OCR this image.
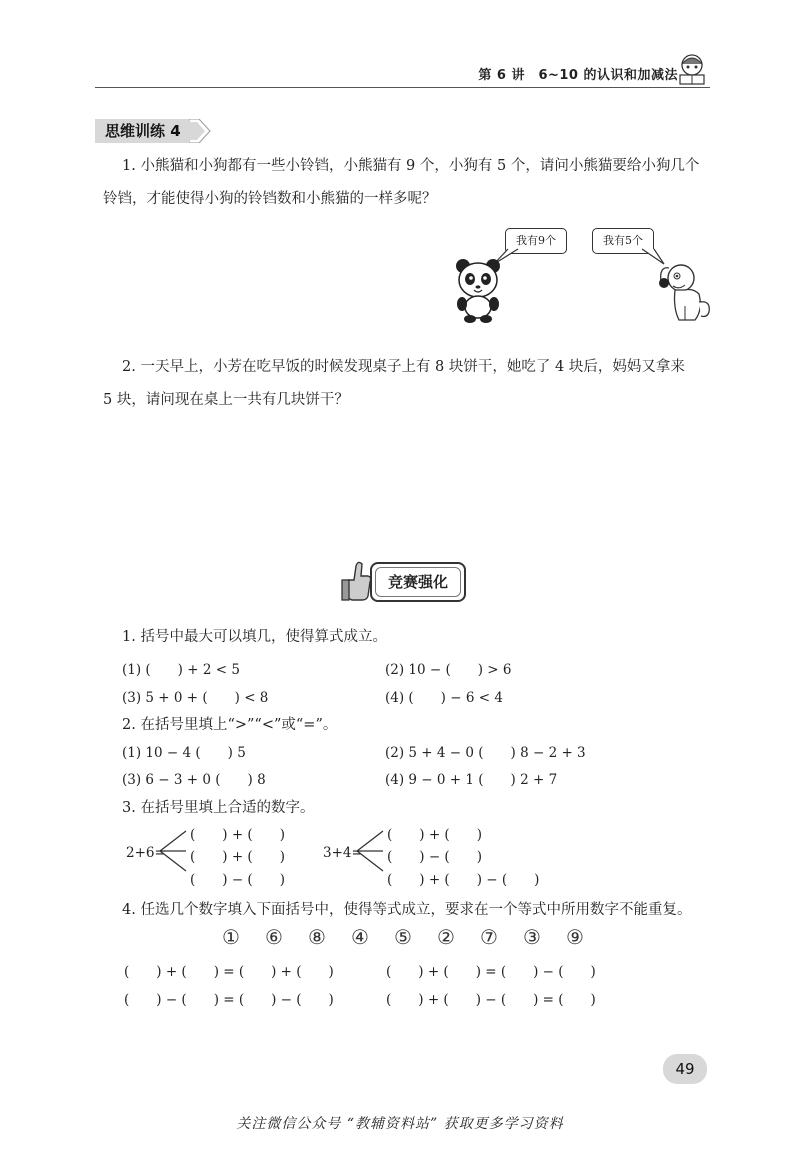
第 6 讲　6~10 的认识和加减法
思维训练 4
1. 小熊猫和小狗都有一些小铃铛，小熊猫有 9 个，小狗有 5 个，请问小熊猫要给小狗几个
铃铛，才能使得小狗的铃铛数和小熊猫的一样多呢？
我有9个	我有5个
2. 一天早上，小芳在吃早饭的时候发现桌子上有 8 块饼干，她吃了 4 块后，妈妈又拿来
5 块，请问现在桌上一共有几块饼干？
竞赛强化
1. 括号中最大可以填几，使得算式成立。
(1) (　　) + 2 < 5	(2) 10 − (　　) > 6
(3) 5 + 0 + (　　) < 8	(4) (　　) − 6 < 4
2. 在括号里填上“>”“<”或“=”。
(1) 10 − 4 (　　) 5	(2) 5 + 4 − 0 (　　) 8 − 2 + 3
(3) 6 − 3 + 0 (　　) 8	(4) 9 − 0 + 1 (　　) 2 + 7
3. 在括号里填上合适的数字。
2+6=
(　　) + (　　)
(　　) + (　　)
(　　) − (　　)
3+4=
(　　) + (　　)
(　　) − (　　)
(　　) + (　　) − (　　)
4. 任选几个数字填入下面括号中，使得等式成立，要求在一个等式中所用数字不能重复。
① ⑥ ⑧ ④ ⑤ ② ⑦ ③ ⑨
(　　) + (　　) = (　　) + (　　)	(　　) + (　　) = (　　) − (　　)
(　　) − (　　) = (　　) − (　　)	(　　) + (　　) − (　　) = (　　)
49
关注微信公众号 “教辅资料站” 获取更多学习资料
